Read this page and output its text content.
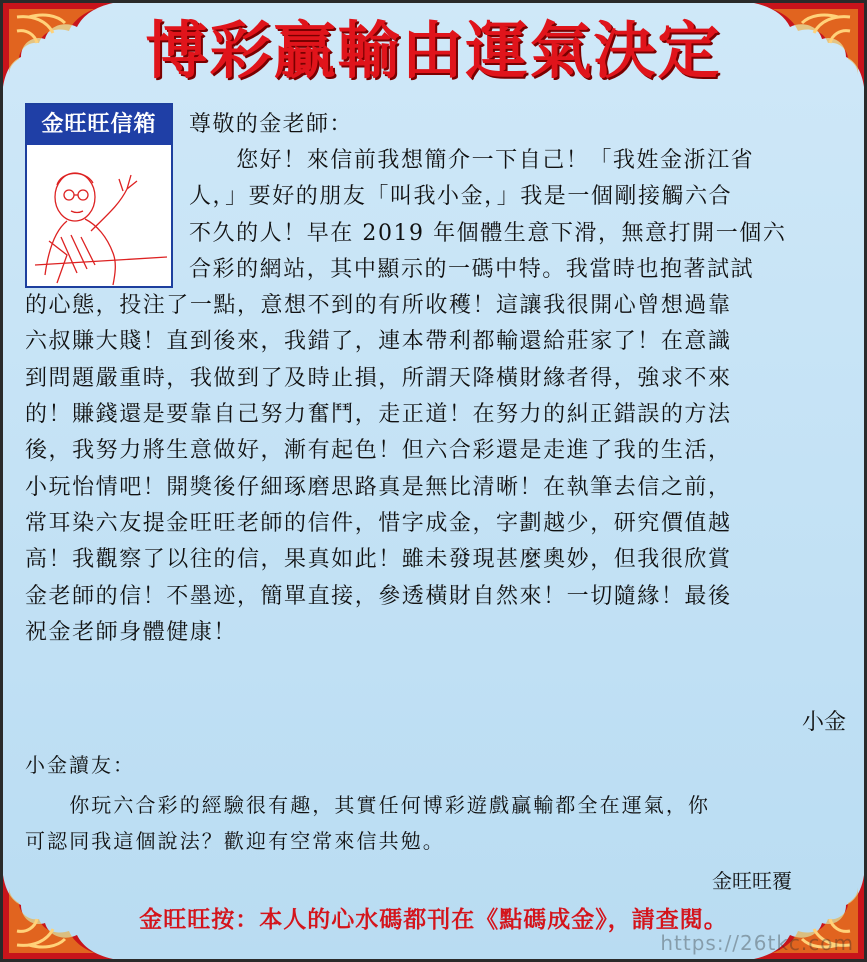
博彩贏輸由運氣決定
金旺旺信箱	尊敬的金老師：

　　您好！來信前我想簡介一下自己！「我姓金浙江省

人，」要好的朋友「叫我小金，」我是一個剛接觸六合

不久的人！早在 2019 年個體生意下滑，無意打開一個六

合彩的網站，其中顯示的一碼中特。我當時也抱著試試

的心態，投注了一點，意想不到的有所收穫！這讓我很開心曾想過靠

六叔賺大賤！直到後來，我錯了，連本帶利都輸還給莊家了！在意識

到問題嚴重時，我做到了及時止損，所謂天降橫財緣者得，強求不來

的！賺錢還是要靠自己努力奮鬥，走正道！在努力的糾正錯誤的方法

後，我努力將生意做好，漸有起色！但六合彩還是走進了我的生活，

小玩怡情吧！開獎後仔細琢磨思路真是無比清晰！在執筆去信之前，

常耳染六友提金旺旺老師的信件，惜字成金，字劃越少，研究價值越

高！我觀察了以往的信，果真如此！雖未發現甚麼奧妙，但我很欣賞

金老師的信！不墨迹，簡單直接，參透橫財自然來！一切隨緣！最後

祝金老師身體健康！

小金
小金讀友：
　　你玩六合彩的經驗很有趣，其實任何博彩遊戲贏輸都全在運氣，你
可認同我這個說法？歡迎有空常來信共勉。
金旺旺覆
金旺旺按：本人的心水碼都刊在《點碼成金》，請查閱。
https://26tkc.com
